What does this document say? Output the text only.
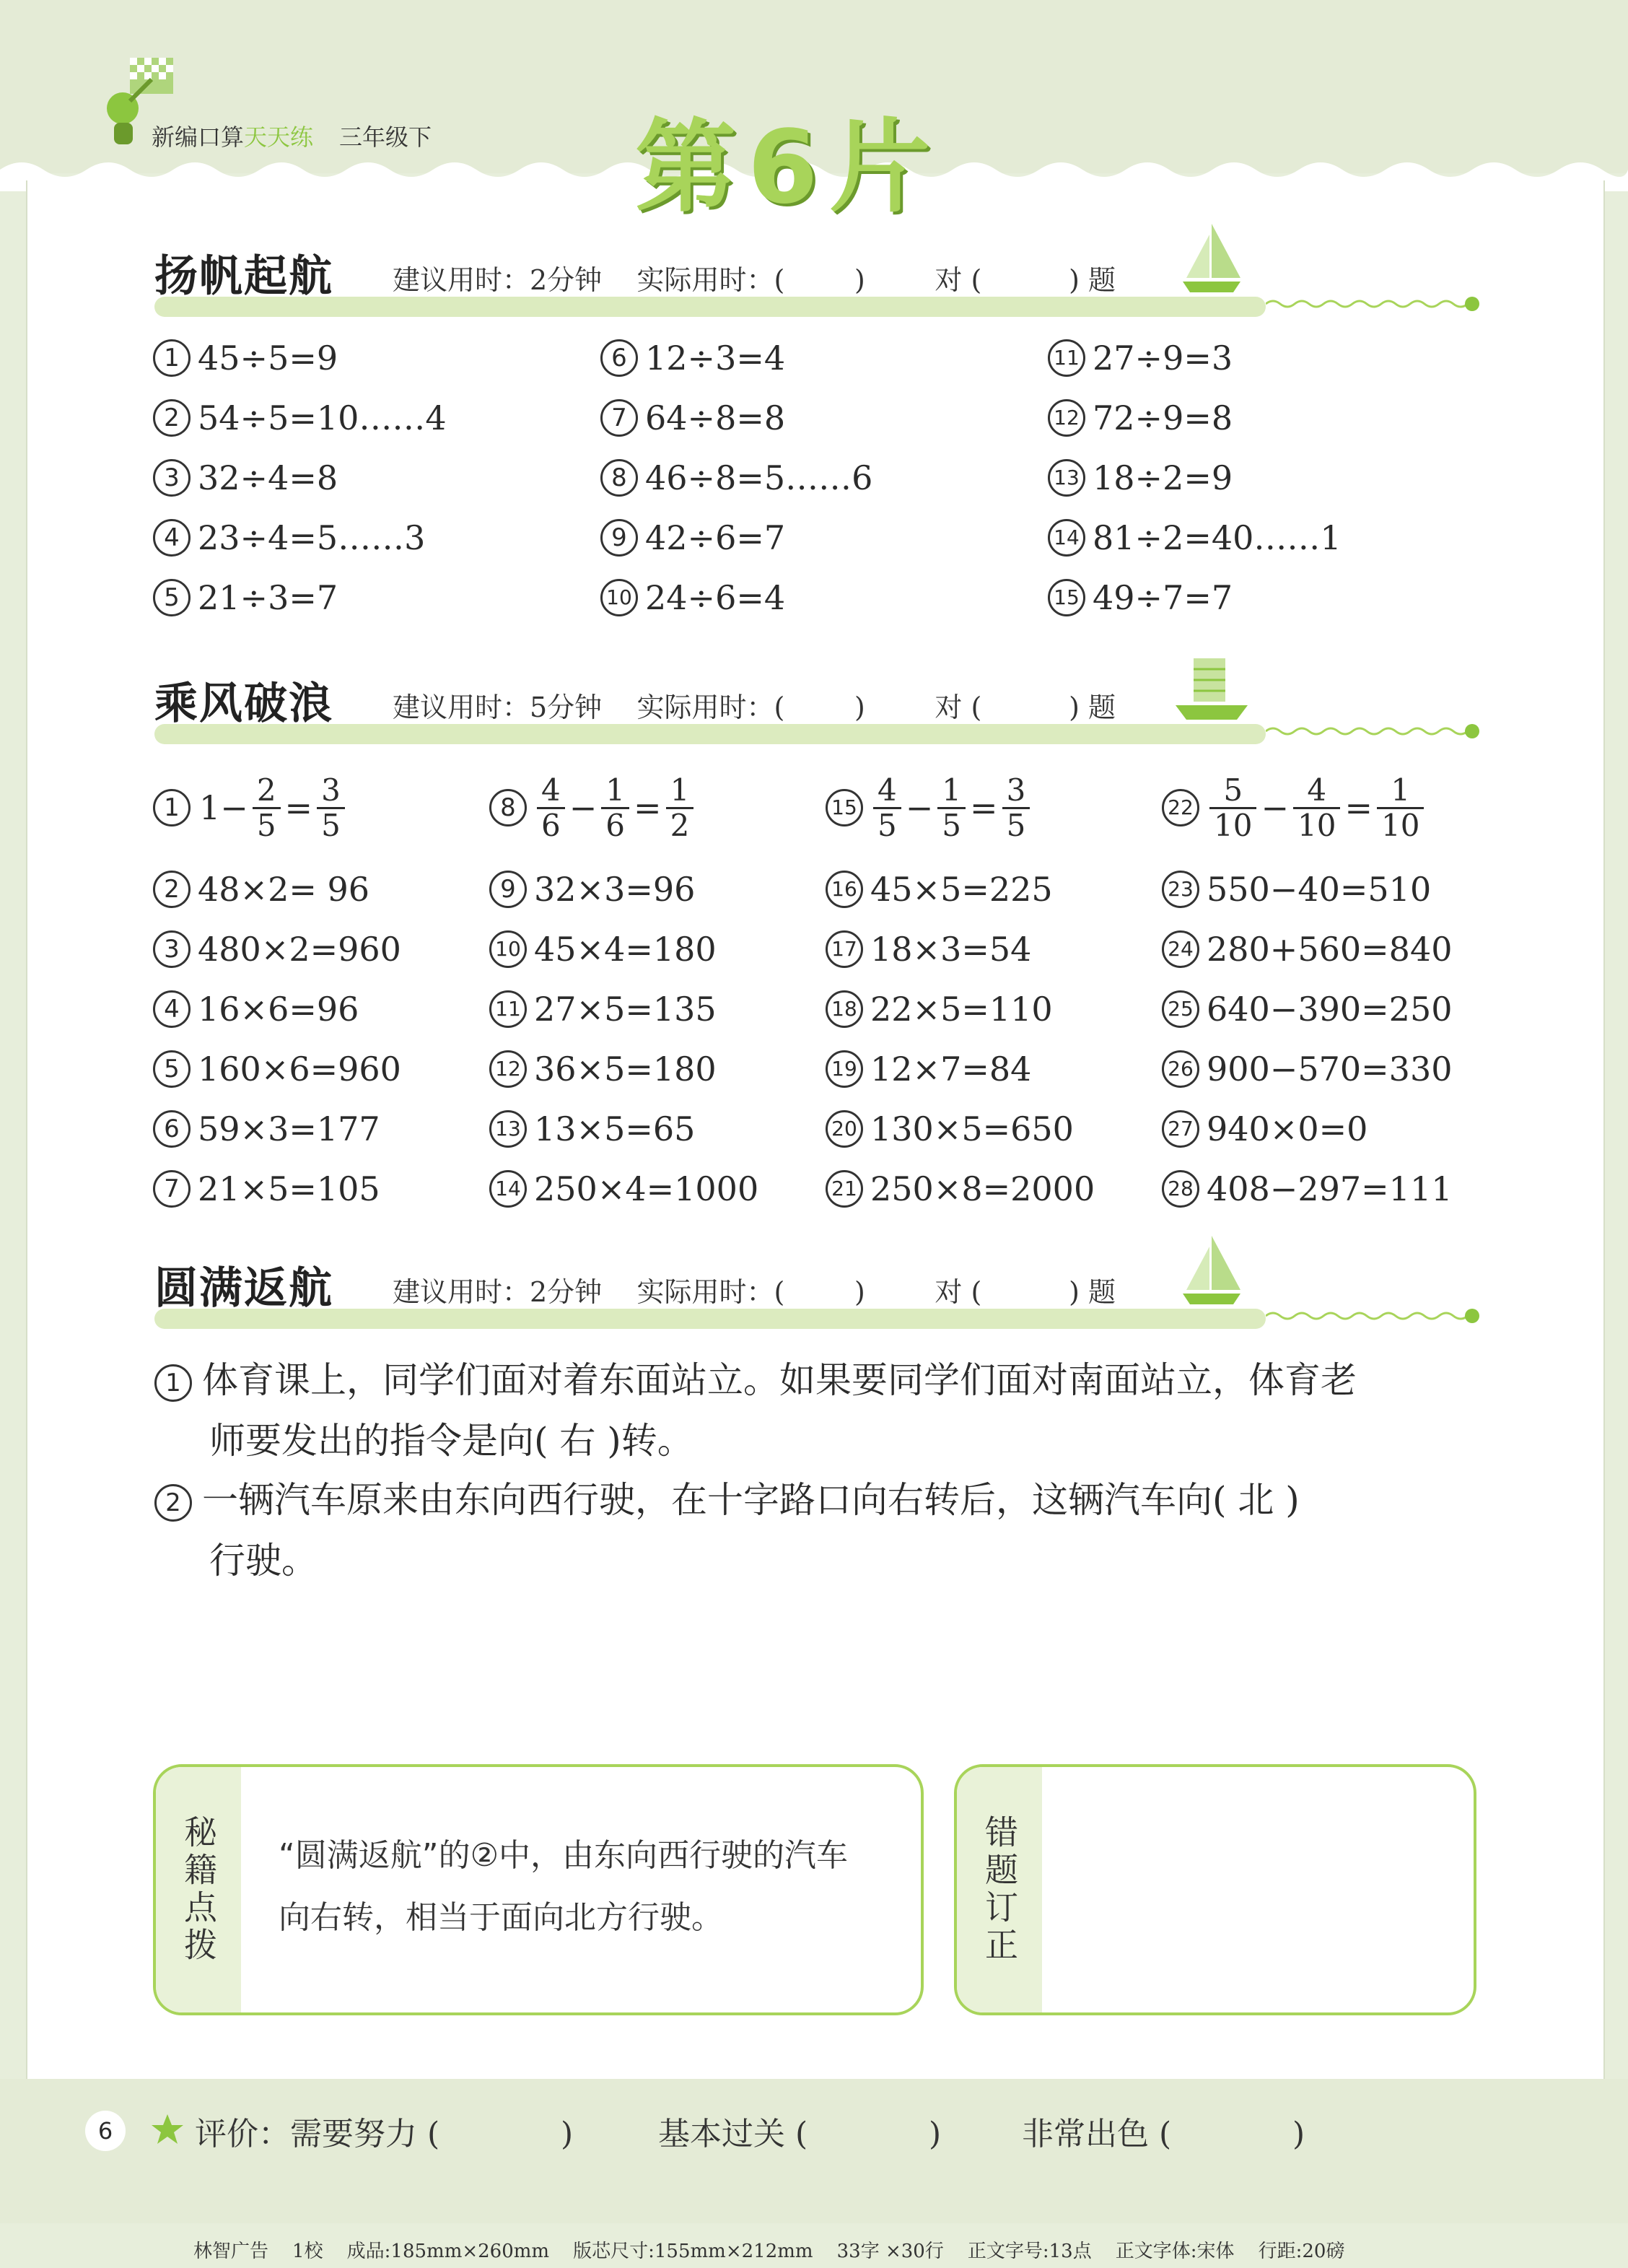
新编口算天天练 三年级下 第6片
扬帆起航 建议用时：2分钟    实际用时：(        )        对 (          ) 题
1 45÷5=9
2 54÷5=10……4
3 32÷4=8
4 23÷4=5……3
5 21÷3=7
6 12÷3=4
7 64÷8=8
8 46÷8=5……6
9 42÷6=7
10 24÷6=4
11 27÷9=3
12 72÷9=8
13 18÷2=9
14 81÷2=40……1
15 49÷7=7
乘风破浪 建议用时：5分钟    实际用时：(        )        对 (          ) 题
1 $1- \frac{2}{5} = \frac{3}{5}$	$8 \frac{4}{6} - \frac{1}{6} = \frac{1}{2}$	$15 \frac{4}{5} - \frac{1}{5} = \frac{3}{5}$	$22 \frac{5}{10} - \frac{4}{10} = \frac{1}{10}$
2 48×2= 96
3 480×2=960
4 16×6=96
5 160×6=960
6 59×3=177
7 21×5=105
9 32×3=96
10 45×4=180
11 27×5=135
12 36×5=180
13 13×5=65
14 250×4=1000
16 45×5=225
17 18×3=54
18 22×5=110
19 12×7=84
20 130×5=650
21 250×8=2000
23 550−40=510
24 280+560=840
25 640−390=250
26 900−570=330
27 940×0=0
28 408−297=111
圆满返航 建议用时：2分钟    实际用时：(        )        对 (          ) 题
1 体育课上，同学们面对着东面站立。如果要同学们面对南面站立，体育老
师要发出的指令是向( 右 )转。
2 一辆汽车原来由东向西行驶，在十字路口向右转后，这辆汽车向( 北 )
行驶。
秘籍点拨 “圆满返航”的②中，由东向西行驶的汽车
向右转，相当于面向北方行驶。	错题订正
6	评价：需要努力 (            )	基本过关 (            )	非常出色 (            )
林智广告    1校    成品:185mm×260mm    版芯尺寸:155mm×212mm    33字 ×30行    正文字号:13点    正文字体:宋体    行距:20磅
